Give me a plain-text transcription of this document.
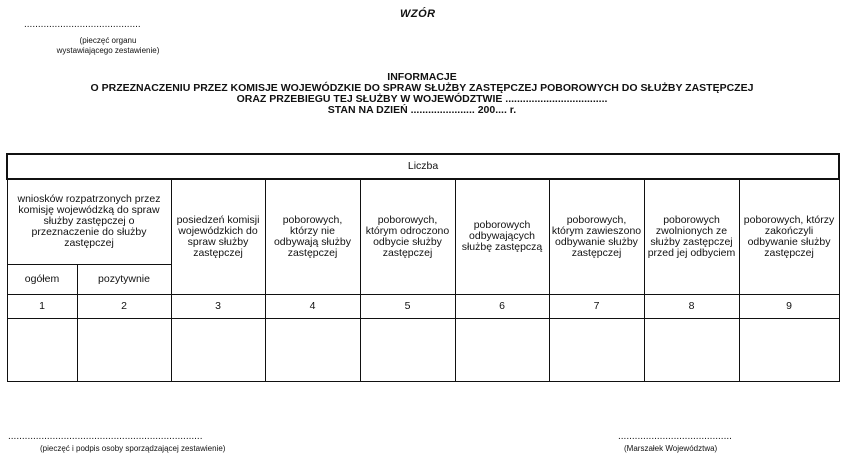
WZÓR
..........................................
(pieczęć organu
wystawiającego zestawienie)
INFORMACJE
O PRZEZNACZENIU PRZEZ KOMISJE WOJEWÓDZKIE DO SPRAW SŁUŻBY ZASTĘPCZEJ POBOROWYCH DO SŁUŻBY ZASTĘPCZEJ
ORAZ PRZEBIEGU TEJ SŁUŻBY W WOJEWÓDZTWIE ...................................
STAN NA DZIEŃ ...................... 200.... r.
Liczba								
wniosków rozpatrzonych przez komisję wojewódzką do spraw służby zastępczej o przeznaczenie do służby zastępczej		posiedzeń komisji wojewódzkich do spraw służby zastępczej	poborowych, którzy nie odbywają służby zastępczej	poborowych, którym odroczono odbycie służby zastępczej	poborowych odbywających służbę zastępczą	poborowych, którym zawieszono odbywanie służby zastępczej	poborowych zwolnionych ze służby zastępczej przed jej odbyciem	poborowych, którzy zakończyli odbywanie służby zastępczej
ogółem	pozytywnie							
1	2	3	4	5	6	7	8	9

......................................................................
(pieczęć i podpis osoby sporządzającej zestawienie)
.........................................
(Marszałek Województwa)
